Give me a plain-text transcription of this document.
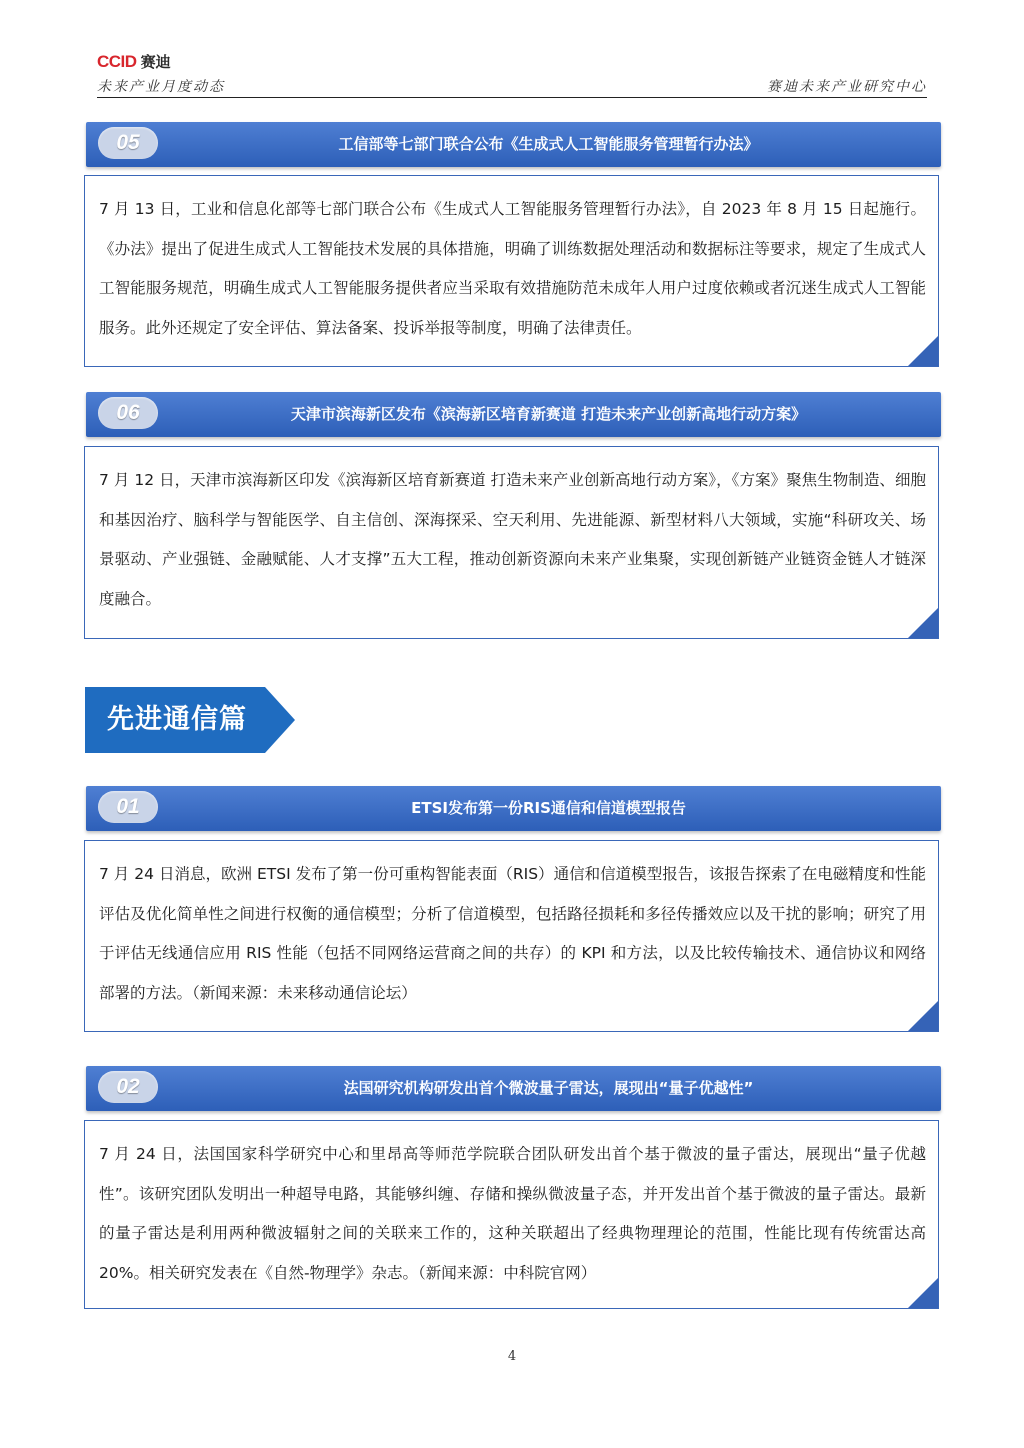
CCID 赛迪
未来产业月度动态	赛迪未来产业研究中心
05	工信部等七部门联合公布《生成式人工智能服务管理暂行办法》

7 月 13 日，工业和信息化部等七部门联合公布《生成式人工智能服务管理暂行办法》，自 2023 年 8 月 15 日起施行。《办法》提出了促进生成式人工智能技术发展的具体措施，明确了训练数据处理活动和数据标注等要求，规定了生成式人工智能服务规范，明确生成式人工智能服务提供者应当采取有效措施防范未成年人用户过度依赖或者沉迷生成式人工智能服务。此外还规定了安全评估、算法备案、投诉举报等制度，明确了法律责任。

06	天津市滨海新区发布《滨海新区培育新赛道 打造未来产业创新高地行动方案》

7 月 12 日，天津市滨海新区印发《滨海新区培育新赛道 打造未来产业创新高地行动方案》，《方案》聚焦生物制造、细胞和基因治疗、脑科学与智能医学、自主信创、深海探采、空天利用、先进能源、新型材料八大领域，实施“科研攻关、场景驱动、产业强链、金融赋能、人才支撑”五大工程，推动创新资源向未来产业集聚，实现创新链产业链资金链人才链深度融合。

先进通信篇
01	ETSI发布第一份RIS通信和信道模型报告

7 月 24 日消息，欧洲 ETSI 发布了第一份可重构智能表面（RIS）通信和信道模型报告，该报告探索了在电磁精度和性能评估及优化简单性之间进行权衡的通信模型；分析了信道模型，包括路径损耗和多径传播效应以及干扰的影响；研究了用于评估无线通信应用 RIS 性能（包括不同网络运营商之间的共存）的 KPI 和方法，以及比较传输技术、通信协议和网络部署的方法。（新闻来源：未来移动通信论坛）

02	法国研究机构研发出首个微波量子雷达，展现出“量子优越性”

7 月 24 日，法国国家科学研究中心和里昂高等师范学院联合团队研发出首个基于微波的量子雷达，展现出“量子优越性”。该研究团队发明出一种超导电路，其能够纠缠、存储和操纵微波量子态，并开发出首个基于微波的量子雷达。最新的量子雷达是利用两种微波辐射之间的关联来工作的，这种关联超出了经典物理理论的范围，性能比现有传统雷达高 20%。相关研究发表在《自然-物理学》杂志。（新闻来源：中科院官网）

4
